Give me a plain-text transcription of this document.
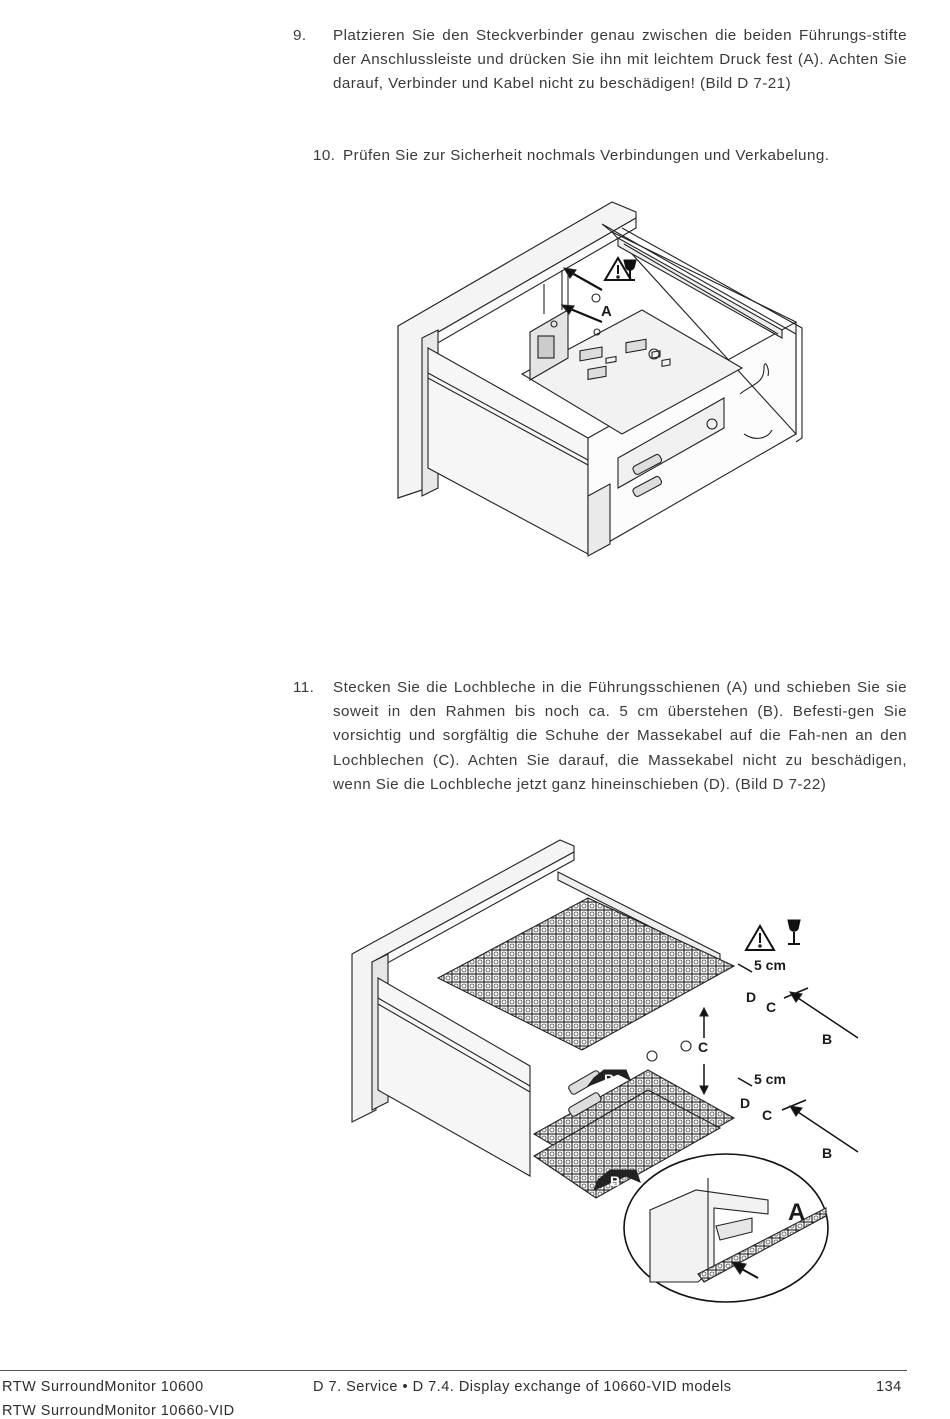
9. Platzieren Sie den Steckverbinder genau zwischen die beiden Führungs-stifte der Anschlussleiste und drücken Sie ihn mit leichtem Druck fest (A). Achten Sie darauf, Verbinder und Kabel nicht zu beschädigen! (Bild D 7-21)

10. Prüfen Sie zur Sicherheit nochmals Verbindungen und Verkabelung.

A

11. Stecken Sie die Lochbleche in die Führungsschienen (A) und schieben Sie sie soweit in den Rahmen bis noch ca. 5 cm überstehen (B). Befesti-gen Sie vorsichtig und sorgfältig die Schuhe der Massekabel auf die Fah-nen an den Lochblechen (C). Achten Sie darauf, die Massekabel nicht zu beschädigen, wenn Sie die Lochbleche jetzt ganz hineinschieben (D). (Bild D 7-22)

5 cm
D
C
B
C
B	5 cm
D
C
B
B
A
RTW SurroundMonitor 10600
RTW SurroundMonitor 10660-VID
D 7. Service • D 7.4. Display exchange of 10660-VID models	134
